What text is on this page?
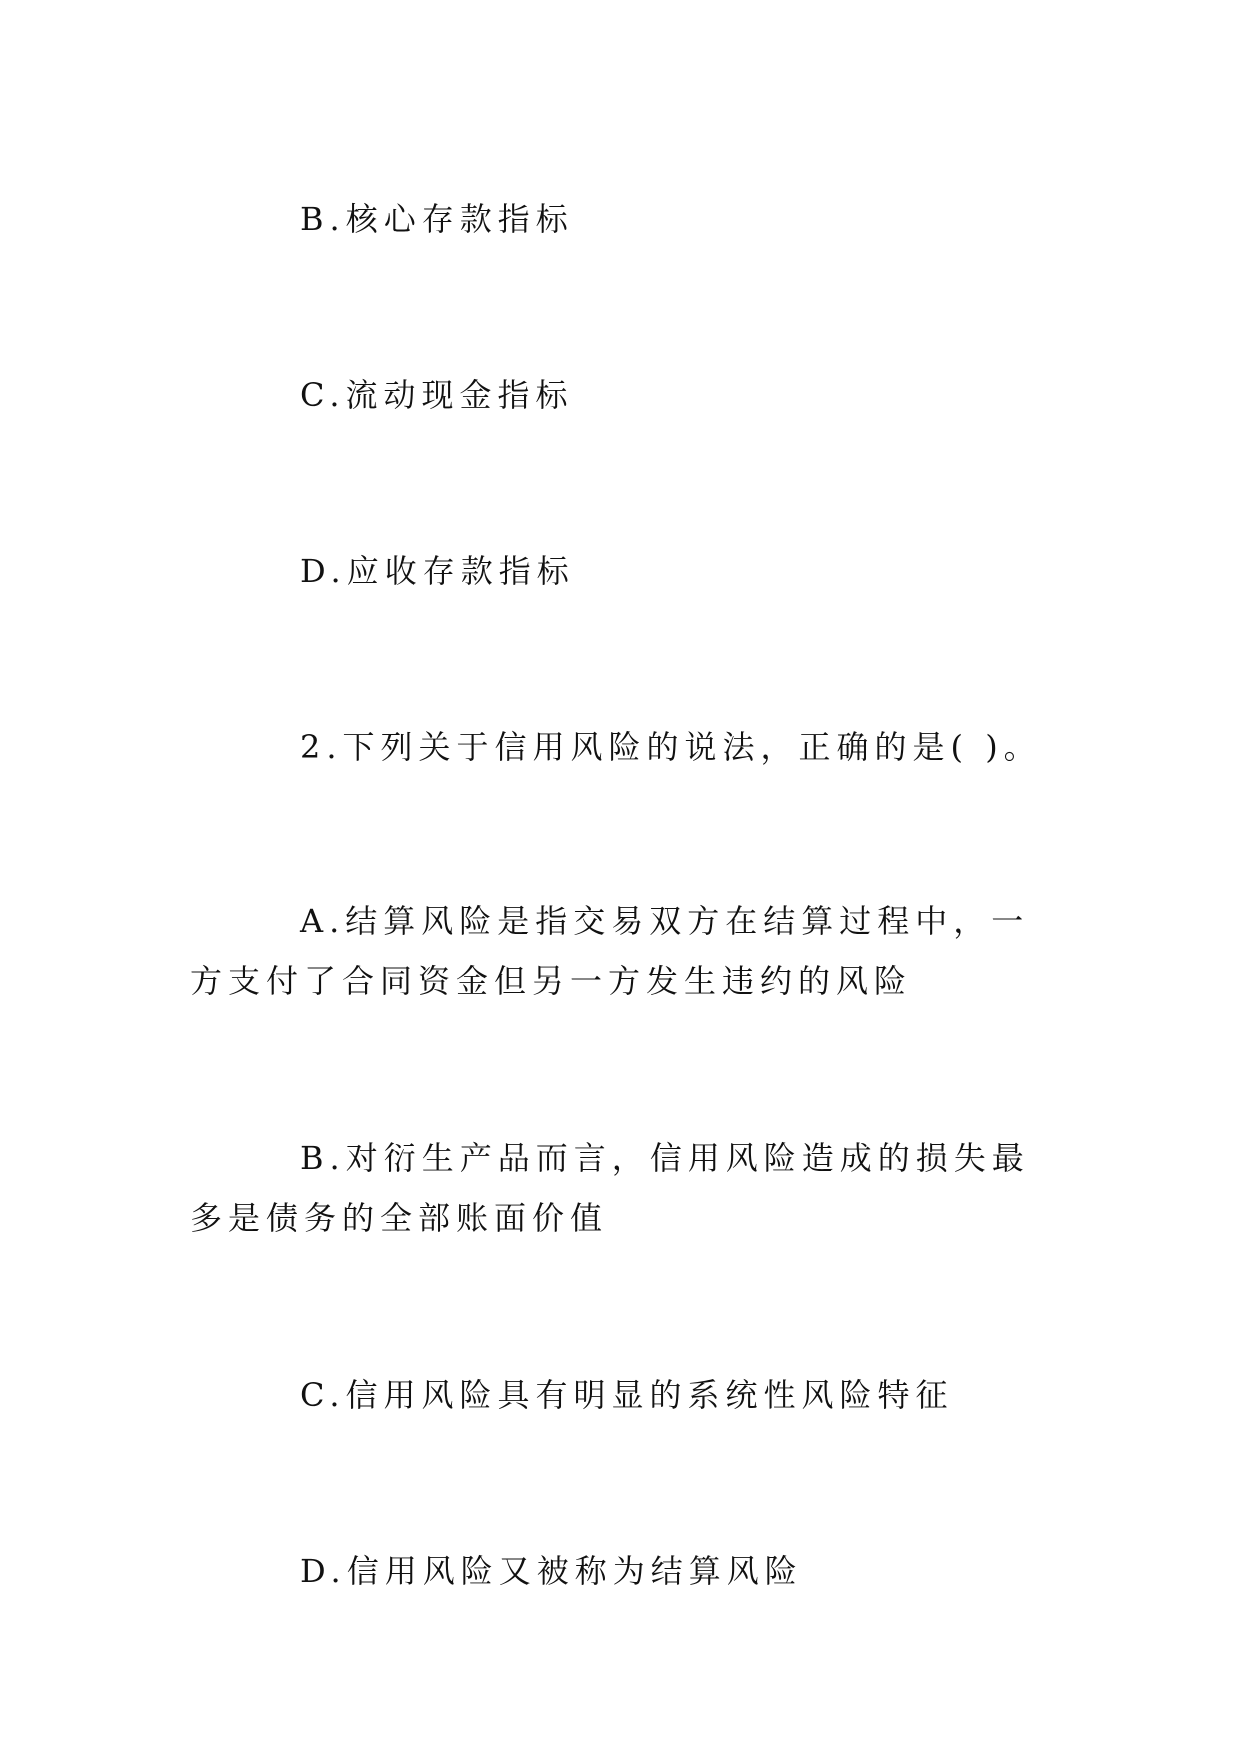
B.核心存款指标

C.流动现金指标

D.应收存款指标

2.下列关于信用风险的说法，正确的是( )。

A.结算风险是指交易双方在结算过程中，一方支付了合同资金但另一方发生违约的风险

B.对衍生产品而言，信用风险造成的损失最多是债务的全部账面价值

C.信用风险具有明显的系统性风险特征

D.信用风险又被称为结算风险
